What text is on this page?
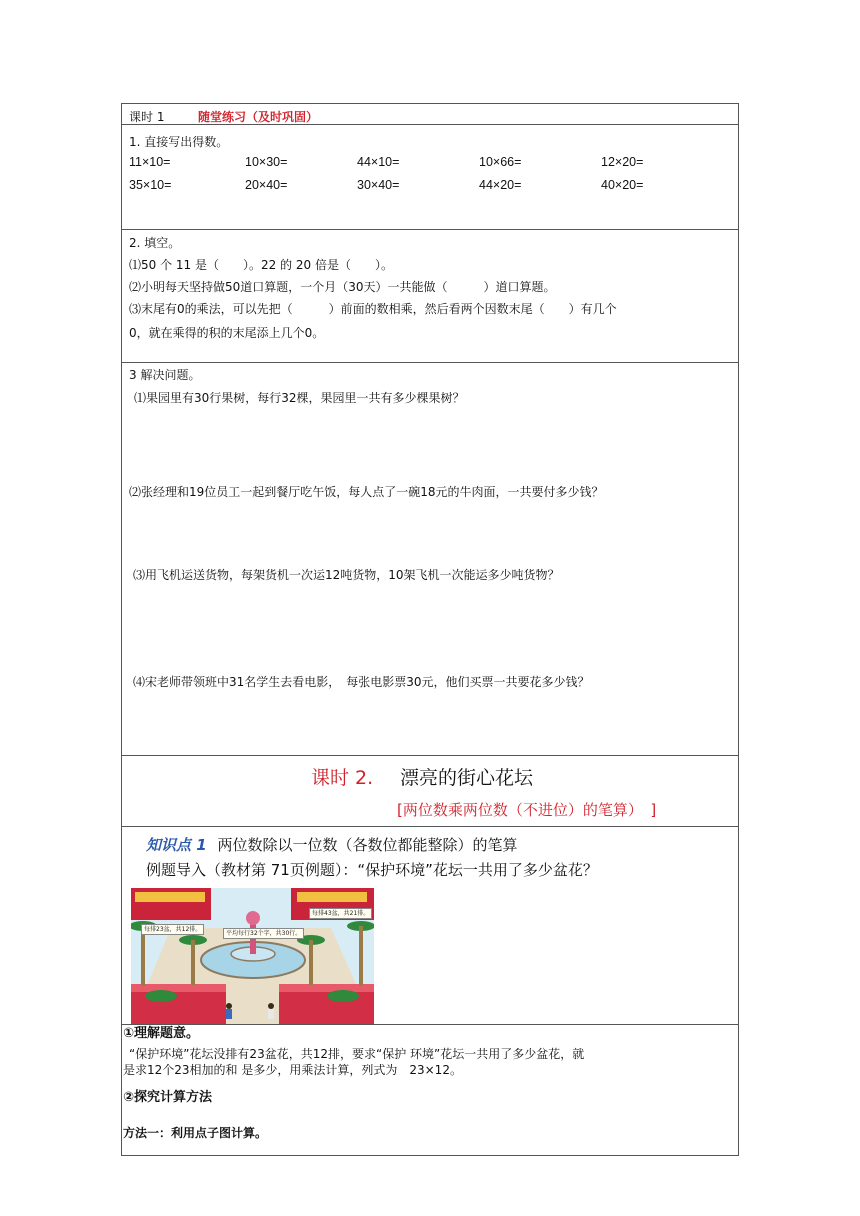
课时 1	随堂练习（及时巩固）
1. 直接写出得数。
11×10=	10×30=	44×10=	10×66=	12×20=
35×10=	20×40=	30×40=	44×20=	40×20=
2. 填空。
⑴50 个 11 是（　　）。22 的 20 倍是（　　）。
⑵小明每天坚持做50道口算题，一个月（30天）一共能做（　　　）道口算题。
⑶末尾有0的乘法，可以先把（　　　）前面的数相乘，然后看两个因数末尾（　　）有几个
0，就在乘得的积的末尾添上几个0。
3 解决问题。
⑴果园里有30行果树，每行32棵，果园里一共有多少棵果树？
⑵张经理和19位员工一起到餐厅吃午饭，每人点了一碗18元的牛肉面，一共要付多少钱？
⑶用飞机运送货物，每架货机一次运12吨货物，10架飞机一次能运多少吨货物？
⑷宋老师带领班中31名学生去看电影，　每张电影票30元，他们买票一共要花多少钱？
课时 2. 漂亮的街心花坛
[两位数乘两位数（不进位）的笔算）　]
知识点 1 两位数除以一位数（各数位都能整除）的笔算
例题导入（教材第 71页例题）：“保护环境”花坛一共用了多少盆花？
每排23盆，共12排。
每排43盆，共21排。
平均每行32个字，共30行。
①理解题意。
“保护环境”花坛没排有23盆花，共12排，要求“保护 环境”花坛一共用了多少盆花，就
是求12个23相加的和 是多少，用乘法计算，列式为　23×12。
②探究计算方法
方法一：利用点子图计算。
